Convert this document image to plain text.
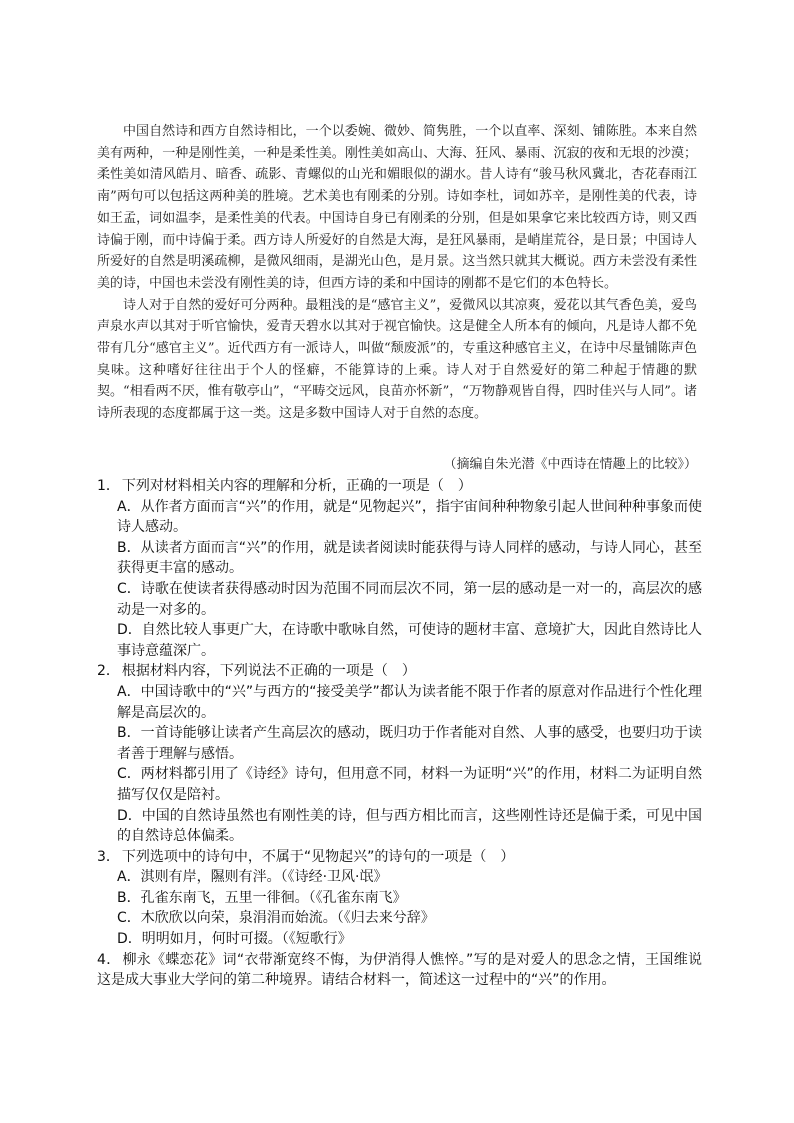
中国自然诗和西方自然诗相比，一个以委婉、微妙、简隽胜，一个以直率、深刻、铺陈胜。本来自然美有两种，一种是刚性美，一种是柔性美。刚性美如高山、大海、狂风、暴雨、沉寂的夜和无垠的沙漠；柔性美如清风皓月、暗香、疏影、青螺似的山光和媚眼似的湖水。昔人诗有“骏马秋风冀北，杏花春雨江南”两句可以包括这两种美的胜境。艺术美也有刚柔的分别。诗如李杜，词如苏辛，是刚性美的代表，诗如王孟，词如温李，是柔性美的代表。中国诗自身已有刚柔的分别，但是如果拿它来比较西方诗，则又西诗偏于刚，而中诗偏于柔。西方诗人所爱好的自然是大海，是狂风暴雨，是峭崖荒谷，是日景；中国诗人所爱好的自然是明溪疏柳，是微风细雨，是湖光山色，是月景。这当然只就其大概说。西方未尝没有柔性美的诗，中国也未尝没有刚性美的诗，但西方诗的柔和中国诗的刚都不是它们的本色特长。

诗人对于自然的爱好可分两种。最粗浅的是“感官主义”，爱微风以其凉爽，爱花以其气香色美，爱鸟声泉水声以其对于听官愉快，爱青天碧水以其对于视官愉快。这是健全人所本有的倾向，凡是诗人都不免带有几分“感官主义”。近代西方有一派诗人，叫做“颓废派”的，专重这种感官主义，在诗中尽量铺陈声色臭味。这种嗜好往往出于个人的怪癖，不能算诗的上乘。诗人对于自然爱好的第二种起于情趣的默契。“相看两不厌，惟有敬亭山”，“平畴交远风，良苗亦怀新”，“万物静观皆自得，四时佳兴与人同”。诸诗所表现的态度都属于这一类。这是多数中国诗人对于自然的态度。

（摘编自朱光潜《中西诗在情趣上的比较》）

1． 下列对材料相关内容的理解和分析，正确的一项是（　）

A．从作者方面而言“兴”的作用，就是“见物起兴”，指宇宙间种种物象引起人世间种种事象而使诗人感动。

B．从读者方面而言“兴”的作用，就是读者阅读时能获得与诗人同样的感动，与诗人同心，甚至获得更丰富的感动。

C．诗歌在使读者获得感动时因为范围不同而层次不同，第一层的感动是一对一的，高层次的感动是一对多的。

D．自然比较人事更广大，在诗歌中歌咏自然，可使诗的题材丰富、意境扩大，因此自然诗比人事诗意蕴深广。

2． 根据材料内容，下列说法不正确的一项是（　）

A．中国诗歌中的“兴”与西方的“接受美学”都认为读者能不限于作者的原意对作品进行个性化理解是高层次的。

B．一首诗能够让读者产生高层次的感动，既归功于作者能对自然、人事的感受，也要归功于读者善于理解与感悟。

C．两材料都引用了《诗经》诗句，但用意不同，材料一为证明“兴”的作用，材料二为证明自然描写仅仅是陪衬。

D．中国的自然诗虽然也有刚性美的诗，但与西方相比而言，这些刚性诗还是偏于柔，可见中国的自然诗总体偏柔。

3． 下列选项中的诗句中，不属于“见物起兴”的诗句的一项是（　）

A．淇则有岸，隰则有泮。（《诗经·卫风·氓》

B．孔雀东南飞，五里一徘徊。（《孔雀东南飞》

C．木欣欣以向荣，泉涓涓而始流。（《归去来兮辞》

D．明明如月，何时可掇。（《短歌行》

4． 柳永《蝶恋花》词“衣带渐宽终不悔，为伊消得人憔悴。”写的是对爱人的思念之情，王国维说这是成大事业大学问的第二种境界。请结合材料一，简述这一过程中的“兴”的作用。
